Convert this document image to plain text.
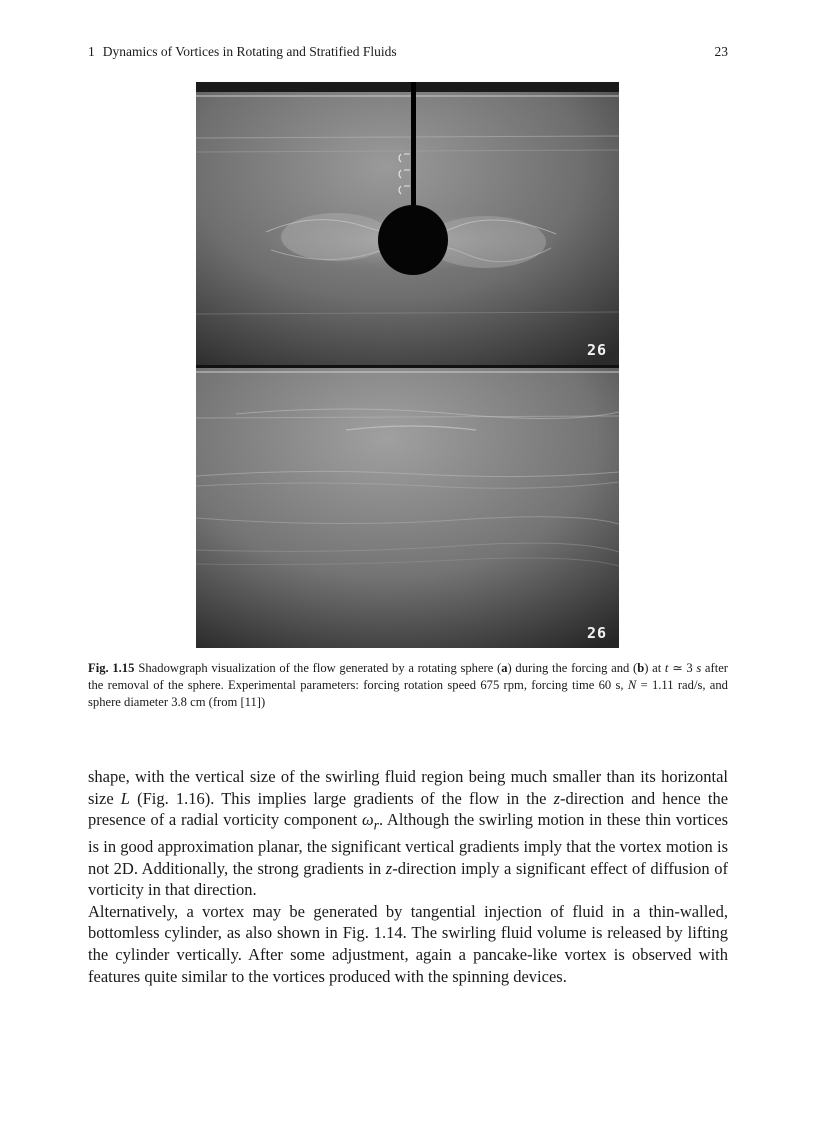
1 Dynamics of Vortices in Rotating and Stratified Fluids	23
26
26
Fig. 1.15 Shadowgraph visualization of the flow generated by a rotating sphere (a) during the forcing and (b) at t ≃ 3 s after the removal of the sphere. Experimental parameters: forcing rotation speed 675 rpm, forcing time 60 s, N = 1.11 rad/s, and sphere diameter 3.8 cm (from [11])

shape, with the vertical size of the swirling fluid region being much smaller than its horizontal size L (Fig. 1.16). This implies large gradients of the flow in the z-direction and hence the presence of a radial vorticity component $\omega_r$. Although the swirling motion in these thin vortices is in good approximation planar, the significant vertical gradients imply that the vortex motion is not 2D. Additionally, the strong gradients in z-direction imply a significant effect of diffusion of vorticity in that direction.

Alternatively, a vortex may be generated by tangential injection of fluid in a thin-walled, bottomless cylinder, as also shown in Fig. 1.14. The swirling fluid volume is released by lifting the cylinder vertically. After some adjustment, again a pancake-like vortex is observed with features quite similar to the vortices produced with the spinning devices.
